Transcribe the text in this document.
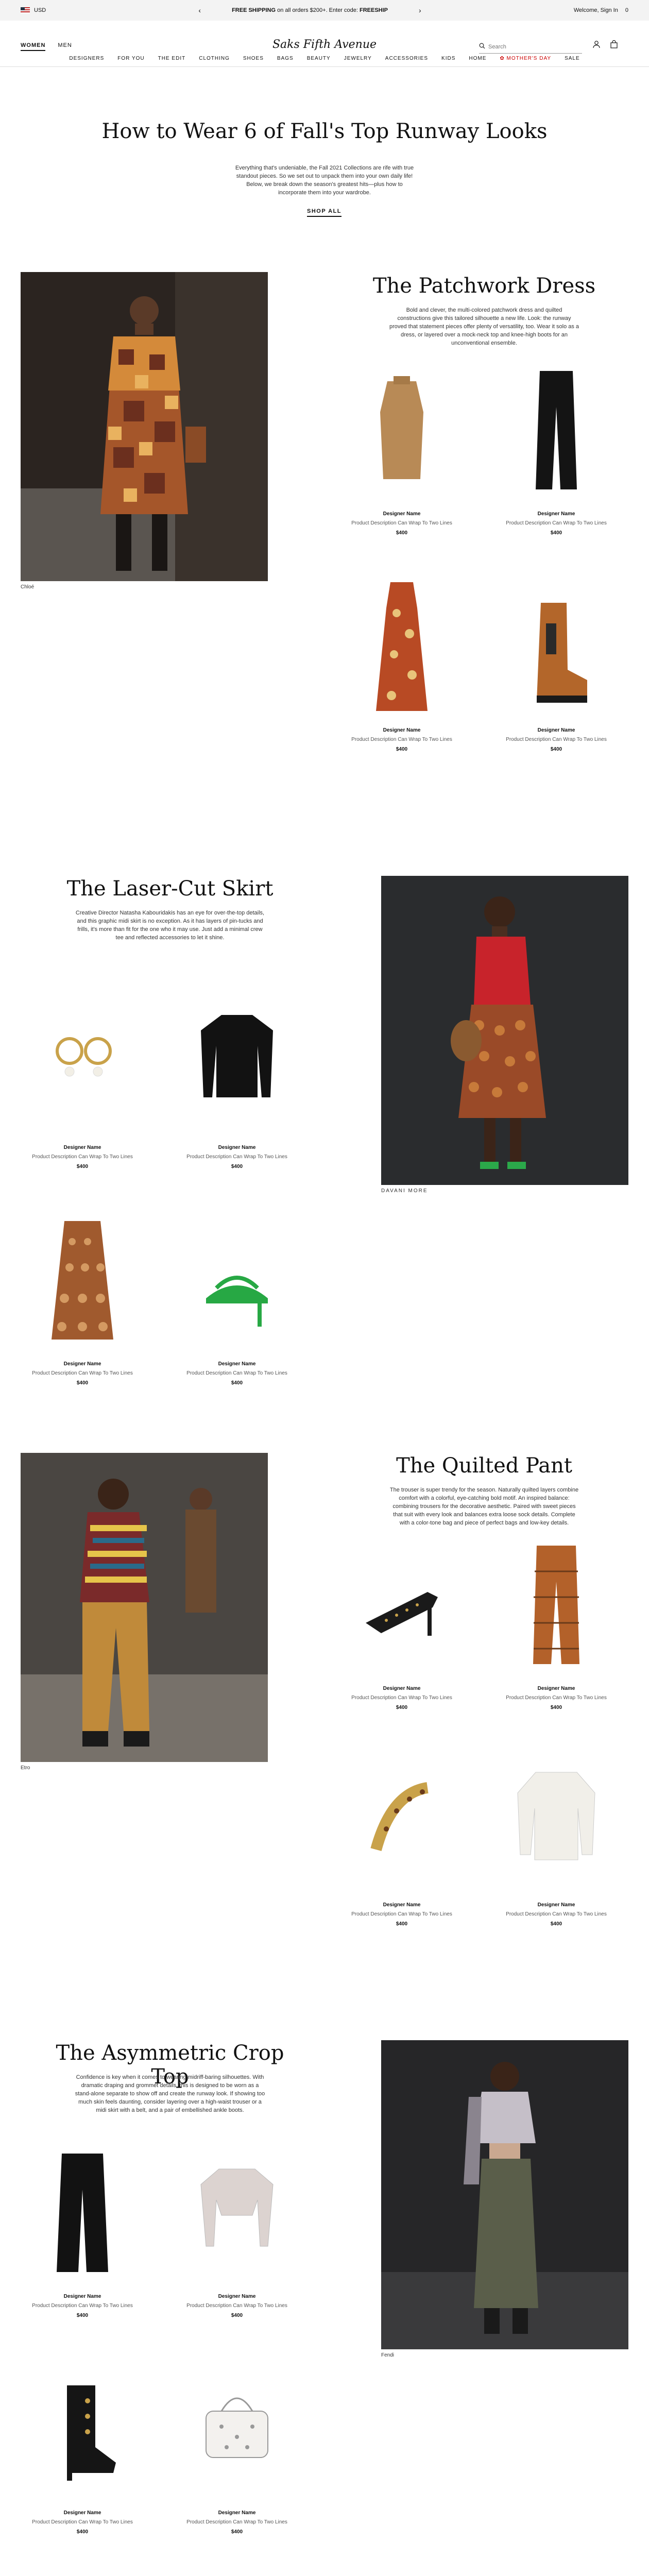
USD	‹	FREE SHIPPING on all orders $200+. Enter code: FREESHIP	›	Welcome, Sign In 0
WOMEN MEN	Saks Fifth Avenue
Search
DESIGNERS	FOR YOU	THE EDIT	CLOTHING	SHOES	BAGS	BEAUTY	JEWELRY	ACCESSORIES	KIDS	HOME	✿ MOTHER'S DAY	SALE
How to Wear 6 of Fall's Top Runway Looks

Everything that's undeniable, the Fall 2021 Collections are rife with true standout pieces. So we set out to unpack them into your own daily life! Below, we break down the season's greatest hits—plus how to incorporate them into your wardrobe.

SHOP ALL
Chloé
The Patchwork Dress

Bold and clever, the multi-colored patchwork dress and quilted constructions give this tailored silhouette a new life. Look: the runway proved that statement pieces offer plenty of versatility, too. Wear it solo as a dress, or layered over a mock-neck top and knee-high boots for an unconventional ensemble.

Designer Name
Product Description Can Wrap To Two Lines
$400
Designer Name
Product Description Can Wrap To Two Lines
$400
Designer Name
Product Description Can Wrap To Two Lines
$400
Designer Name
Product Description Can Wrap To Two Lines
$400
The Laser-Cut Skirt

Creative Director Natasha Kabouridakis has an eye for over-the-top details, and this graphic midi skirt is no exception. As it has layers of pin-tucks and frills, it's more than fit for the one who it may use. Just add a minimal crew tee and reflected accessories to let it shine.

DAVANI MORE
Designer Name
Product Description Can Wrap To Two Lines
$400
Designer Name
Product Description Can Wrap To Two Lines
$400
Designer Name
Product Description Can Wrap To Two Lines
$400
Designer Name
Product Description Can Wrap To Two Lines
$400
Etro
The Quilted Pant

The trouser is super trendy for the season. Naturally quilted layers combine comfort with a colorful, eye-catching bold motif. An inspired balance: combining trousers for the decorative aesthetic. Paired with sweet pieces that suit with every look and balances extra loose sock details. Complete with a color-tone bag and piece of perfect bags and low-key details.

Designer Name
Product Description Can Wrap To Two Lines
$400
Designer Name
Product Description Can Wrap To Two Lines
$400
Designer Name
Product Description Can Wrap To Two Lines
$400
Designer Name
Product Description Can Wrap To Two Lines
$400
The Asymmetric Crop Top

Confidence is key when it comes to wearing midriff-baring silhouettes. With dramatic draping and grommet details, this is designed to be worn as a stand-alone separate to show off and create the runway look. If showing too much skin feels daunting, consider layering over a high-waist trouser or a midi skirt with a belt, and a pair of embellished ankle boots.

Fendi
Designer Name
Product Description Can Wrap To Two Lines
$400
Designer Name
Product Description Can Wrap To Two Lines
$400
Designer Name
Product Description Can Wrap To Two Lines
$400
Designer Name
Product Description Can Wrap To Two Lines
$400
